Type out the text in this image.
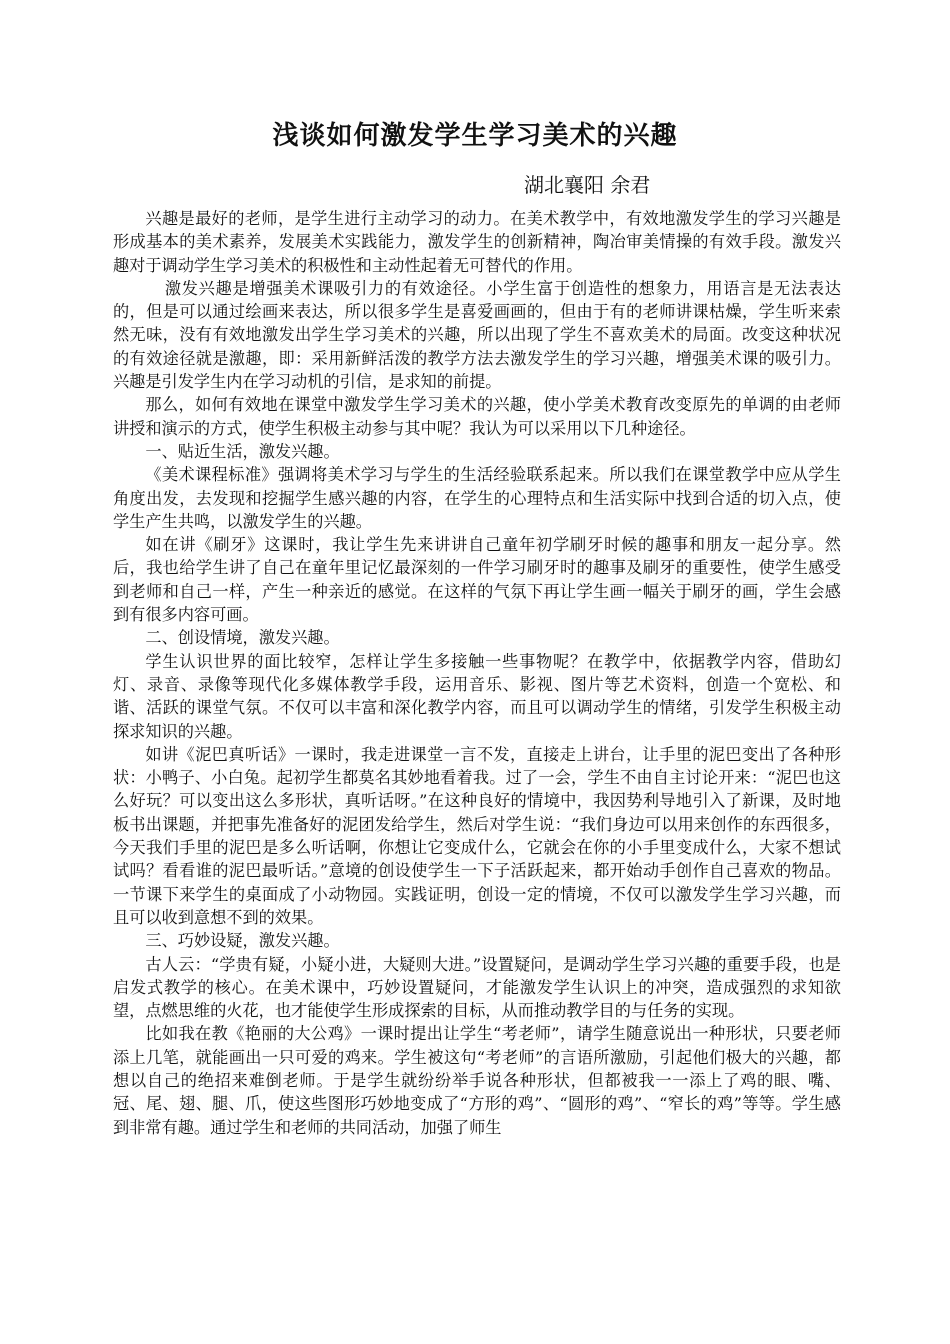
浅谈如何激发学生学习美术的兴趣
湖北襄阳 余君

兴趣是最好的老师，是学生进行主动学习的动力。在美术教学中，有效地激发学生的学习兴趣是形成基本的美术素养，发展美术实践能力，激发学生的创新精神，陶冶审美情操的有效手段。激发兴趣对于调动学生学习美术的积极性和主动性起着无可替代的作用。

激发兴趣是增强美术课吸引力的有效途径。小学生富于创造性的想象力，用语言是无法表达的，但是可以通过绘画来表达，所以很多学生是喜爱画画的，但由于有的老师讲课枯燥，学生听来索然无味，没有有效地激发出学生学习美术的兴趣，所以出现了学生不喜欢美术的局面。改变这种状况的有效途径就是激趣，即：采用新鲜活泼的教学方法去激发学生的学习兴趣，增强美术课的吸引力。兴趣是引发学生内在学习动机的引信，是求知的前提。

那么，如何有效地在课堂中激发学生学习美术的兴趣，使小学美术教育改变原先的单调的由老师讲授和演示的方式，使学生积极主动参与其中呢？我认为可以采用以下几种途径。

一、贴近生活，激发兴趣。

《美术课程标准》强调将美术学习与学生的生活经验联系起来。所以我们在课堂教学中应从学生角度出发，去发现和挖掘学生感兴趣的内容，在学生的心理特点和生活实际中找到合适的切入点，使学生产生共鸣，以激发学生的兴趣。

如在讲《刷牙》这课时，我让学生先来讲讲自己童年初学刷牙时候的趣事和朋友一起分享。然后，我也给学生讲了自己在童年里记忆最深刻的一件学习刷牙时的趣事及刷牙的重要性，使学生感受到老师和自己一样，产生一种亲近的感觉。在这样的气氛下再让学生画一幅关于刷牙的画，学生会感到有很多内容可画。

二、创设情境，激发兴趣。

学生认识世界的面比较窄，怎样让学生多接触一些事物呢？在教学中，依据教学内容，借助幻灯、录音、录像等现代化多媒体教学手段，运用音乐、影视、图片等艺术资料，创造一个宽松、和谐、活跃的课堂气氛。不仅可以丰富和深化教学内容，而且可以调动学生的情绪，引发学生积极主动探求知识的兴趣。

如讲《泥巴真听话》一课时，我走进课堂一言不发，直接走上讲台，让手里的泥巴变出了各种形状：小鸭子、小白兔。起初学生都莫名其妙地看着我。过了一会，学生不由自主讨论开来：“泥巴也这么好玩？可以变出这么多形状，真听话呀。”在这种良好的情境中，我因势利导地引入了新课，及时地板书出课题，并把事先准备好的泥团发给学生，然后对学生说：“我们身边可以用来创作的东西很多，今天我们手里的泥巴是多么听话啊，你想让它变成什么，它就会在你的小手里变成什么，大家不想试试吗？看看谁的泥巴最听话。”意境的创设使学生一下子活跃起来，都开始动手创作自己喜欢的物品。一节课下来学生的桌面成了小动物园。实践证明，创设一定的情境，不仅可以激发学生学习兴趣，而且可以收到意想不到的效果。

三、巧妙设疑，激发兴趣。

古人云：“学贵有疑，小疑小进，大疑则大进。”设置疑问，是调动学生学习兴趣的重要手段，也是启发式教学的核心。在美术课中，巧妙设置疑问，才能激发学生认识上的冲突，造成强烈的求知欲望，点燃思维的火花，也才能使学生形成探索的目标，从而推动教学目的与任务的实现。

比如我在教《艳丽的大公鸡》一课时提出让学生“考老师”，请学生随意说出一种形状，只要老师添上几笔，就能画出一只可爱的鸡来。学生被这句“考老师”的言语所激励，引起他们极大的兴趣，都想以自己的绝招来难倒老师。于是学生就纷纷举手说各种形状，但都被我一一添上了鸡的眼、嘴、冠、尾、翅、腿、爪，使这些图形巧妙地变成了“方形的鸡”、“圆形的鸡”、“窄长的鸡”等等。学生感到非常有趣。通过学生和老师的共同活动，加强了师生
